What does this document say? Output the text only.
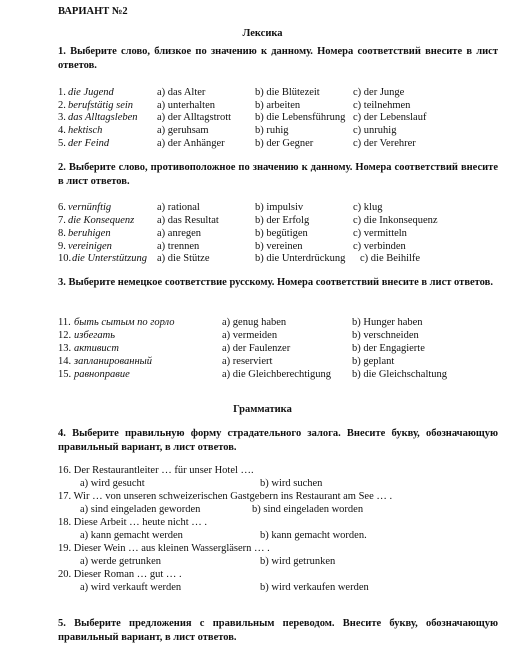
ВАРИАНТ №2
Лексика
1. Выберите слово, близкое по значению к данному. Номера соответствий внесите в лист ответов.
1. die Jugend	a) das Alter	b) die Blütezeit	c) der Junge
2. berufstätig sein a) unterhalten	b) arbeiten	c) teilnehmen
3. das Alltagsleben a) der Alltagstrott b) die Lebensführung c) der Lebenslauf
4. hektisch	a) geruhsam	b) ruhig	c) unruhig
5. der Feind	a) der Anhänger	b) der Gegner	c) der Verehrer
2. Выберите слово, противоположное по значению к данному. Номера соответствий внесите в лист ответов.
6. vernünftig	a) rational	b) impulsiv	c) klug
7. die Konsequenz a) das Resultat	b) der Erfolg	c) die Inkonsequenz
8. beruhigen	a) anregen	b) begütigen	c) vermitteln
9. vereinigen	a) trennen	b) vereinen	c) verbinden
10. die Unterstützung a) die Stütze	b) die Unterdrückung c) die Beihilfe
3. Выберите немецкое соответствие русскому. Номера соответствий внесите в лист ответов.
11. быть сытым по горло	a) genug haben	b) Hunger haben
12. избегать	a) vermeiden	b) verschneiden
13. активист	a) der Faulenzer	b) der Engagierte
14. запланированный	a) reserviert	b) geplant
15. равноправие	a) die Gleichberechtigung b) die Gleichschaltung
Грамматика
4. Выберите правильную форму страдательного залога. Внесите букву, обозначающую правильный вариант, в лист ответов.
16. Der Restaurantleiter … für unser Hotel ….
a) wird gesucht	b) wird suchen
17. Wir … von unseren schweizerischen Gastgebern ins Restaurant am See … .
a) sind eingeladen geworden	b) sind eingeladen worden
18. Diese Arbeit … heute nicht … .
a) kann gemacht werden	b) kann gemacht worden.
19. Dieser Wein … aus kleinen Wassergläsern … .
a) werde getrunken	b) wird getrunken
20. Dieser Roman … gut … .
a) wird verkauft werden	b) wird verkaufen werden
5. Выберите предложения с правильным переводом. Внесите букву, обозначающую правильный вариант, в лист ответов.
